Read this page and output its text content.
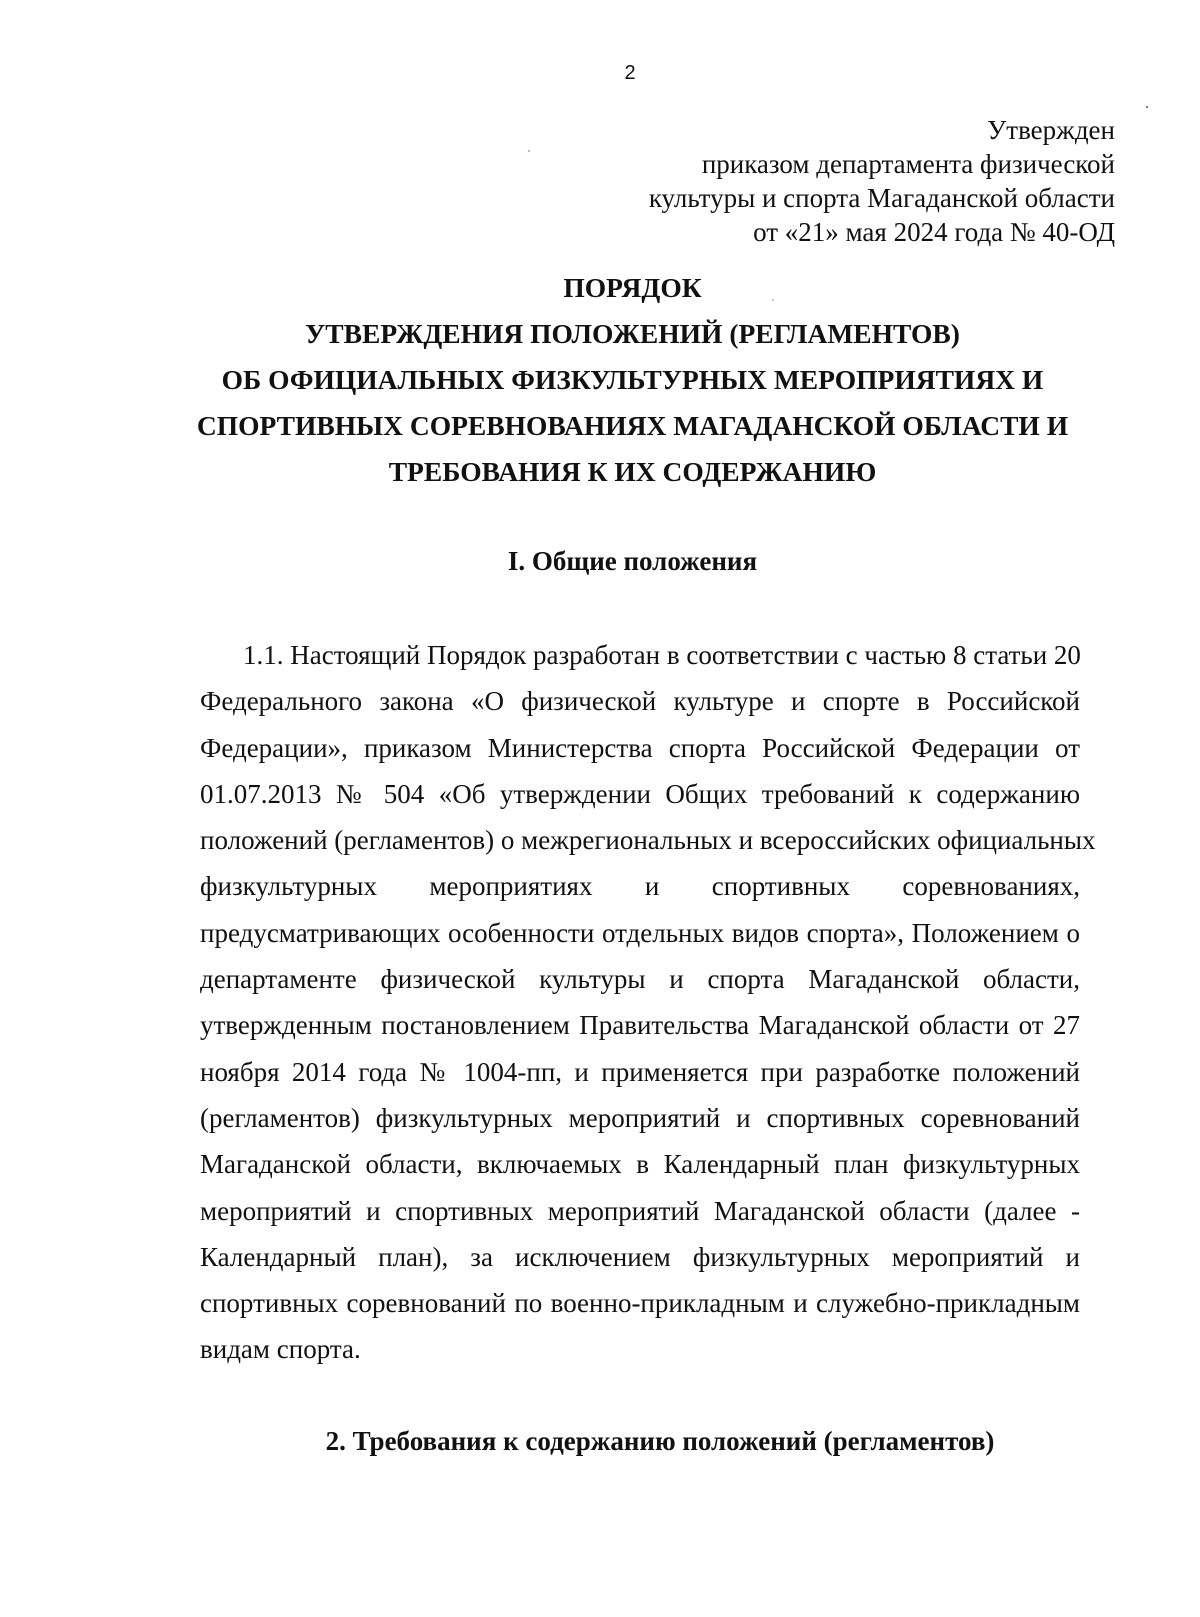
2
Утвержден
приказом департамента физической
культуры и спорта Магаданской области
от «21» мая 2024 года № 40-ОД
ПОРЯДОК
УТВЕРЖДЕНИЯ ПОЛОЖЕНИЙ (РЕГЛАМЕНТОВ)
ОБ ОФИЦИАЛЬНЫХ ФИЗКУЛЬТУРНЫХ МЕРОПРИЯТИЯХ И
СПОРТИВНЫХ СОРЕВНОВАНИЯХ МАГАДАНСКОЙ ОБЛАСТИ И
ТРЕБОВАНИЯ К ИХ СОДЕРЖАНИЮ
I. Общие положения
1.1. Настоящий Порядок разработан в соответствии с частью 8 статьи 20
Федерального закона «О физической культуре и спорте в Российской
Федерации», приказом Министерства спорта Российской Федерации от
01.07.2013 № 504 «Об утверждении Общих требований к содержанию
положений (регламентов) о межрегиональных и всероссийских официальных
физкультурных мероприятиях и спортивных соревнованиях,
предусматривающих особенности отдельных видов спорта», Положением о
департаменте физической культуры и спорта Магаданской области,
утвержденным постановлением Правительства Магаданской области от 27
ноября 2014 года № 1004-пп, и применяется при разработке положений
(регламентов) физкультурных мероприятий и спортивных соревнований
Магаданской области, включаемых в Календарный план физкультурных
мероприятий и спортивных мероприятий Магаданской области (далее -
Календарный план), за исключением физкультурных мероприятий и
спортивных соревнований по военно-прикладным и служебно-прикладным
видам спорта.
2. Требования к содержанию положений (регламентов)
